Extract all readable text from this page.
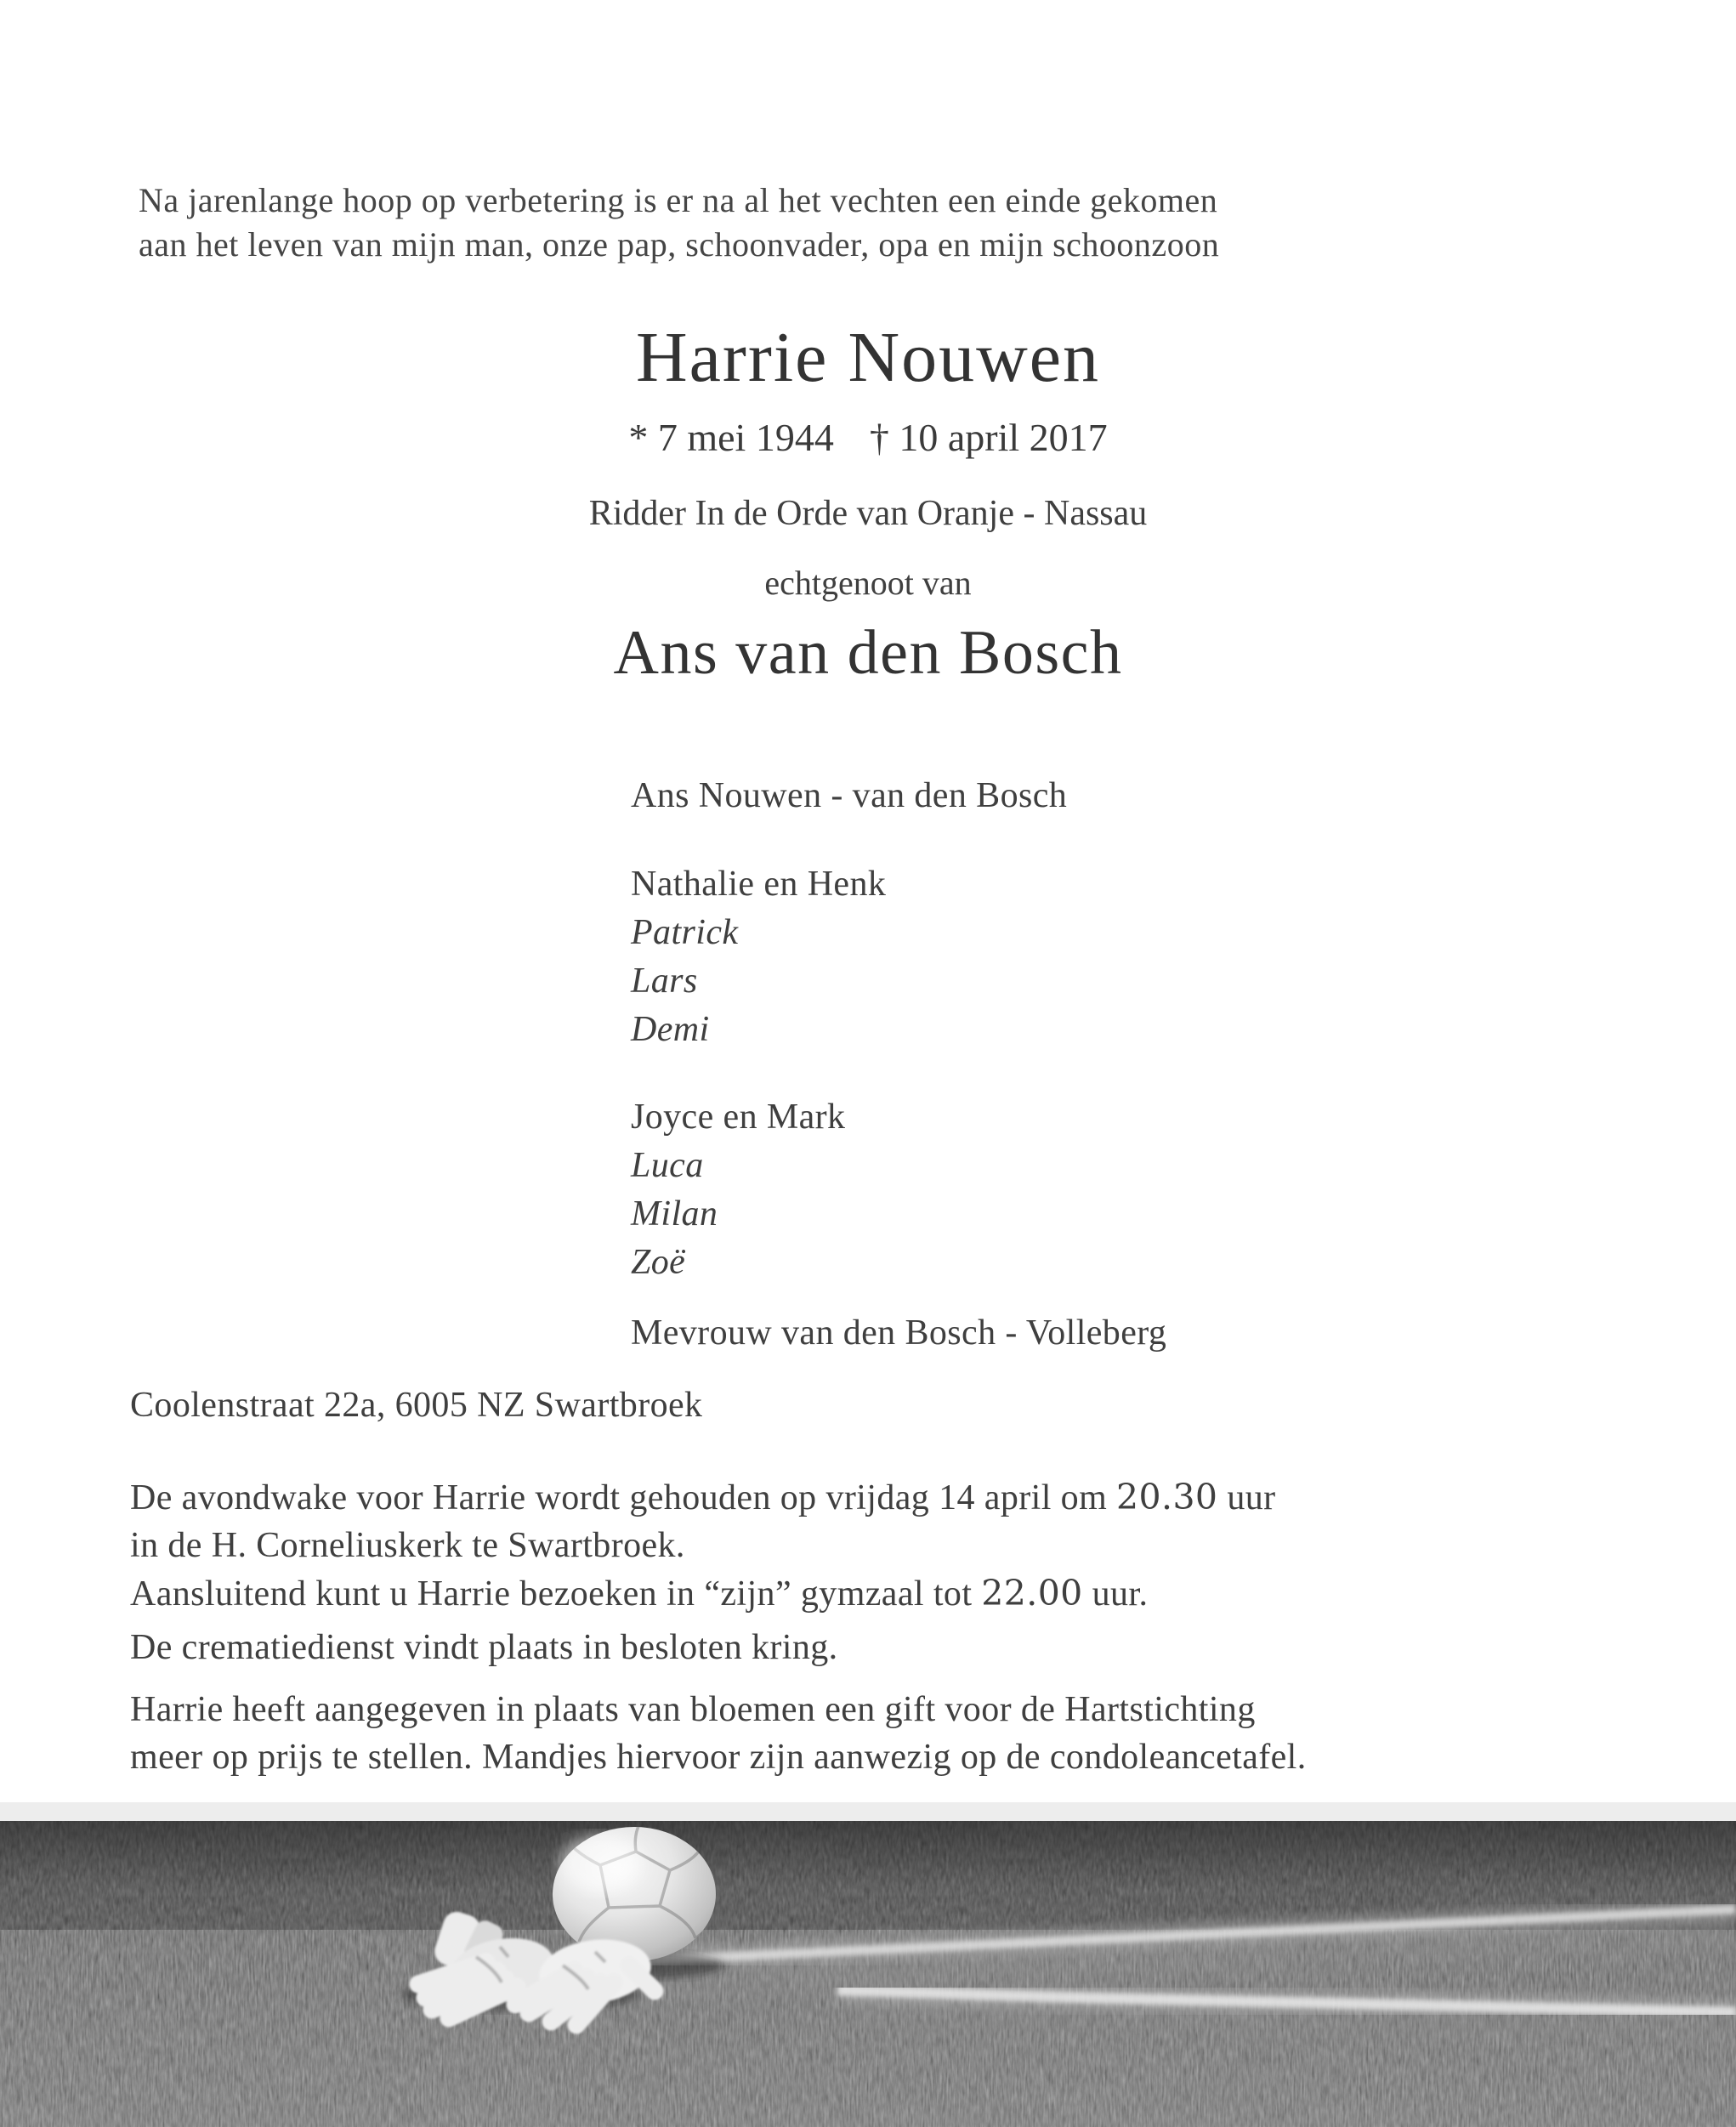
Na jarenlange hoop op verbetering is er na al het vechten een einde gekomen
aan het leven van mijn man, onze pap, schoonvader, opa en mijn schoonzoon
Harrie Nouwen
* 7 mei 1944 † 10 april 2017
Ridder In de Orde van Oranje - Nassau
echtgenoot van
Ans van den Bosch
Ans Nouwen - van den Bosch
Nathalie en Henk
Patrick
Lars
Demi
Joyce en Mark
Luca
Milan
Zoë
Mevrouw van den Bosch - Volleberg
Coolenstraat 22a, 6005 NZ Swartbroek
De avondwake voor Harrie wordt gehouden op vrijdag 14 april om 20.30 uur
in de H. Corneliuskerk te Swartbroek.
Aansluitend kunt u Harrie bezoeken in “zijn” gymzaal tot 22.00 uur.
De crematiedienst vindt plaats in besloten kring.
Harrie heeft aangegeven in plaats van bloemen een gift voor de Hartstichting
meer op prijs te stellen. Mandjes hiervoor zijn aanwezig op de condoleancetafel.
